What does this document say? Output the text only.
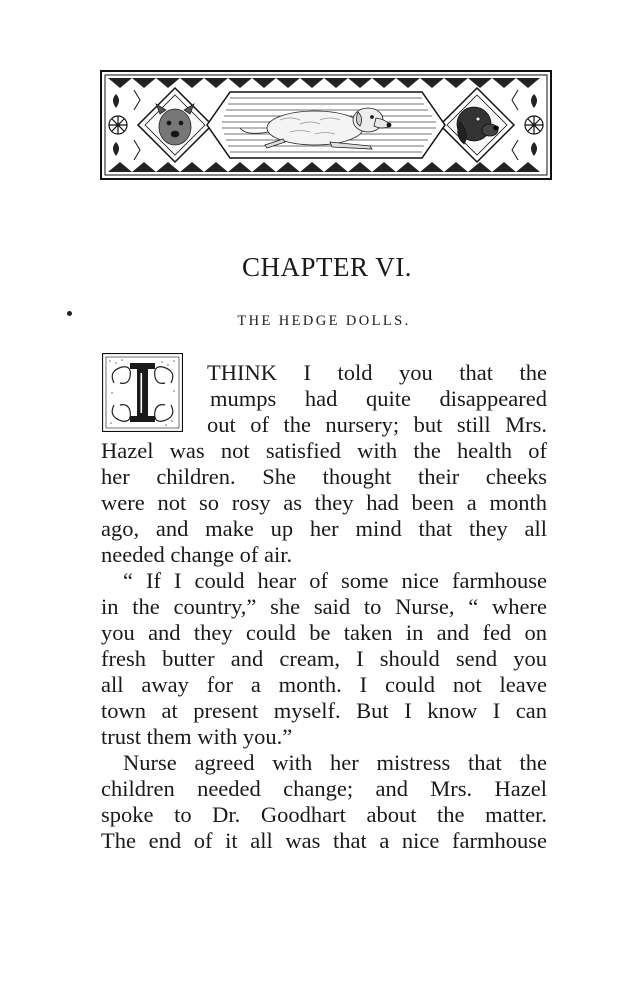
CHAPTER VI.
THE HEDGE DOLLS.

THINK I told you that the

mumps had quite disappeared

out of the nursery; but still Mrs.

Hazel was not satisfied with the health of

her children. She thought their cheeks

were not so rosy as they had been a month

ago, and make up her mind that they all

needed change of air.

“ If I could hear of some nice farmhouse

in the country,” she said to Nurse, “ where

you and they could be taken in and fed on

fresh butter and cream, I should send you

all away for a month. I could not leave

town at present myself. But I know I can

trust them with you.”

Nurse agreed with her mistress that the

children needed change; and Mrs. Hazel

spoke to Dr. Goodhart about the matter.

The end of it all was that a nice farmhouse
